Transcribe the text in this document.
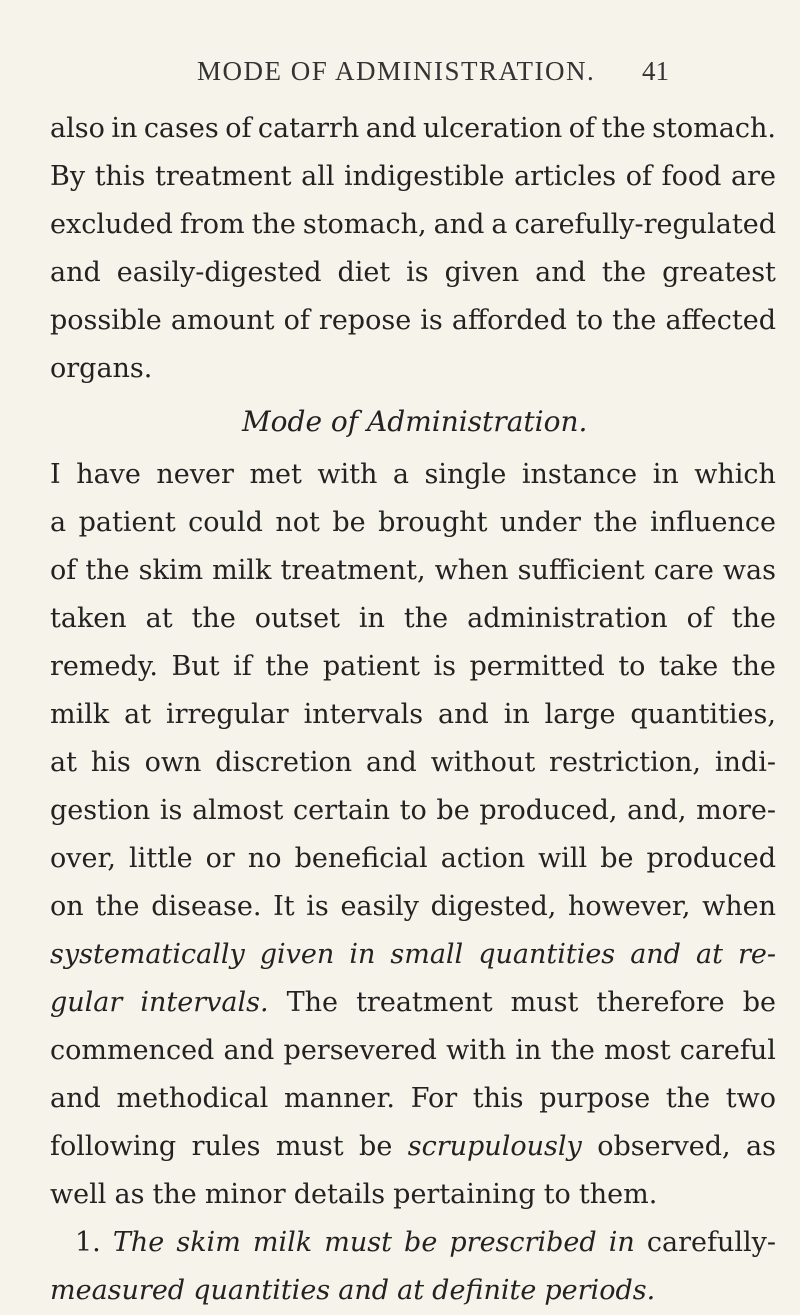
MODE OF ADMINISTRATION. 41
also in cases of catarrh and ulceration of the stomach.
By this treatment all indigestible articles of food are
excluded from the stomach, and a carefully-regulated
and easily-digested diet is given and the greatest
possible amount of repose is afforded to the affected
organs.
Mode of Administration.
I have never met with a single instance in which
a patient could not be brought under the influence
of the skim milk treatment, when sufficient care was
taken at the outset in the administration of the
remedy. But if the patient is permitted to take the
milk at irregular intervals and in large quantities,
at his own discretion and without restriction, indi-
gestion is almost certain to be produced, and, more-
over, little or no beneficial action will be produced
on the disease. It is easily digested, however, when
systematically given in small quantities and at re-
gular intervals. The treatment must therefore be
commenced and persevered with in the most careful
and methodical manner. For this purpose the two
following rules must be scrupulously observed, as
well as the minor details pertaining to them.
1. The skim milk must be prescribed in carefully-
measured quantities and at definite periods.
